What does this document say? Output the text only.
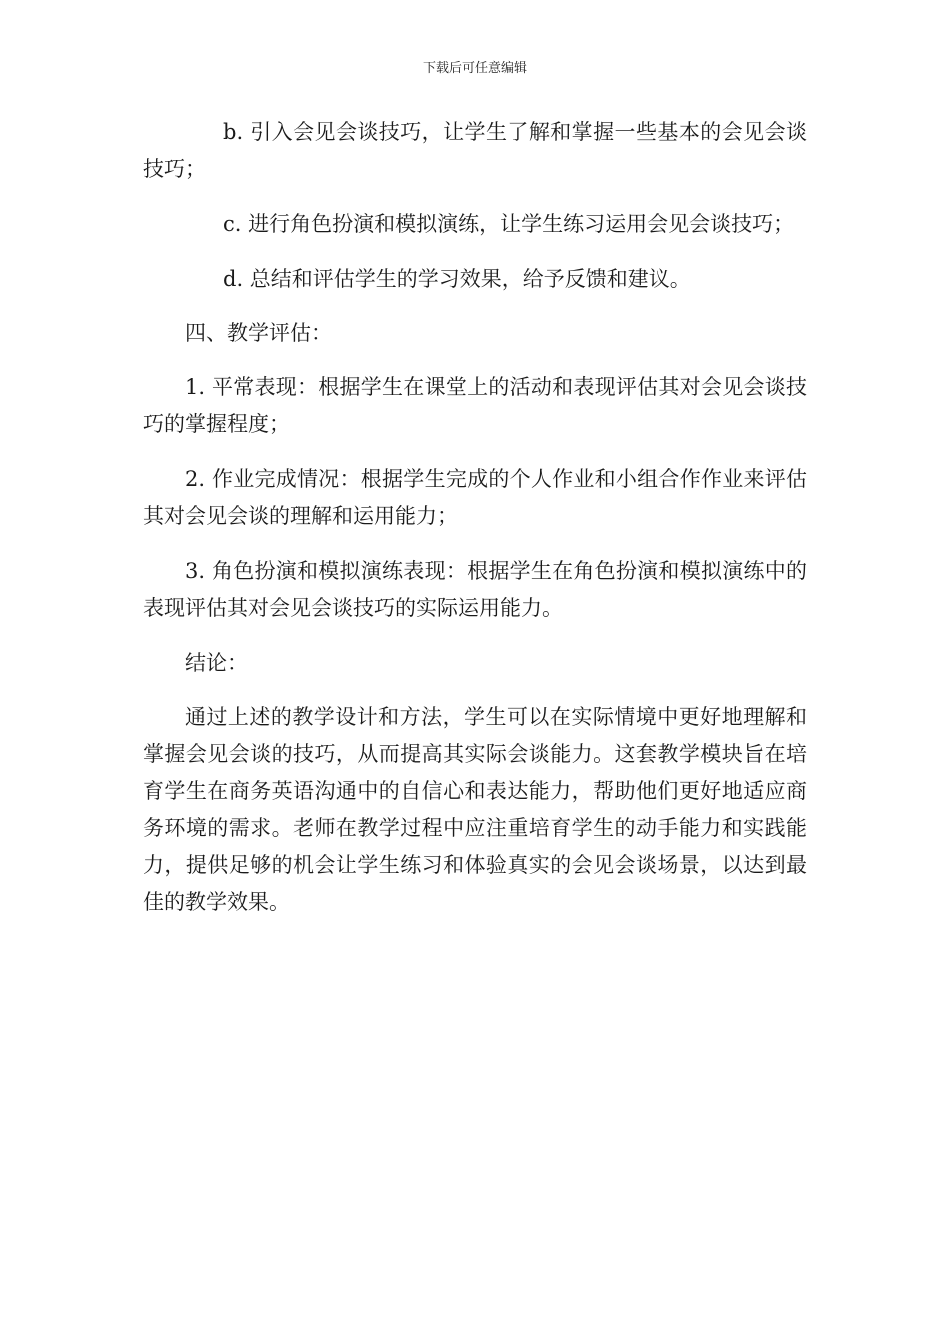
下载后可任意编辑

b. 引入会见会谈技巧，让学生了解和掌握一些基本的会见会谈技巧；

c. 进行角色扮演和模拟演练，让学生练习运用会见会谈技巧；

d. 总结和评估学生的学习效果，给予反馈和建议。

四、教学评估：

1. 平常表现：根据学生在课堂上的活动和表现评估其对会见会谈技巧的掌握程度；

2. 作业完成情况：根据学生完成的个人作业和小组合作作业来评估其对会见会谈的理解和运用能力；

3. 角色扮演和模拟演练表现：根据学生在角色扮演和模拟演练中的表现评估其对会见会谈技巧的实际运用能力。

结论：

通过上述的教学设计和方法，学生可以在实际情境中更好地理解和掌握会见会谈的技巧，从而提高其实际会谈能力。这套教学模块旨在培育学生在商务英语沟通中的自信心和表达能力，帮助他们更好地适应商务环境的需求。老师在教学过程中应注重培育学生的动手能力和实践能力，提供足够的机会让学生练习和体验真实的会见会谈场景，以达到最佳的教学效果。
